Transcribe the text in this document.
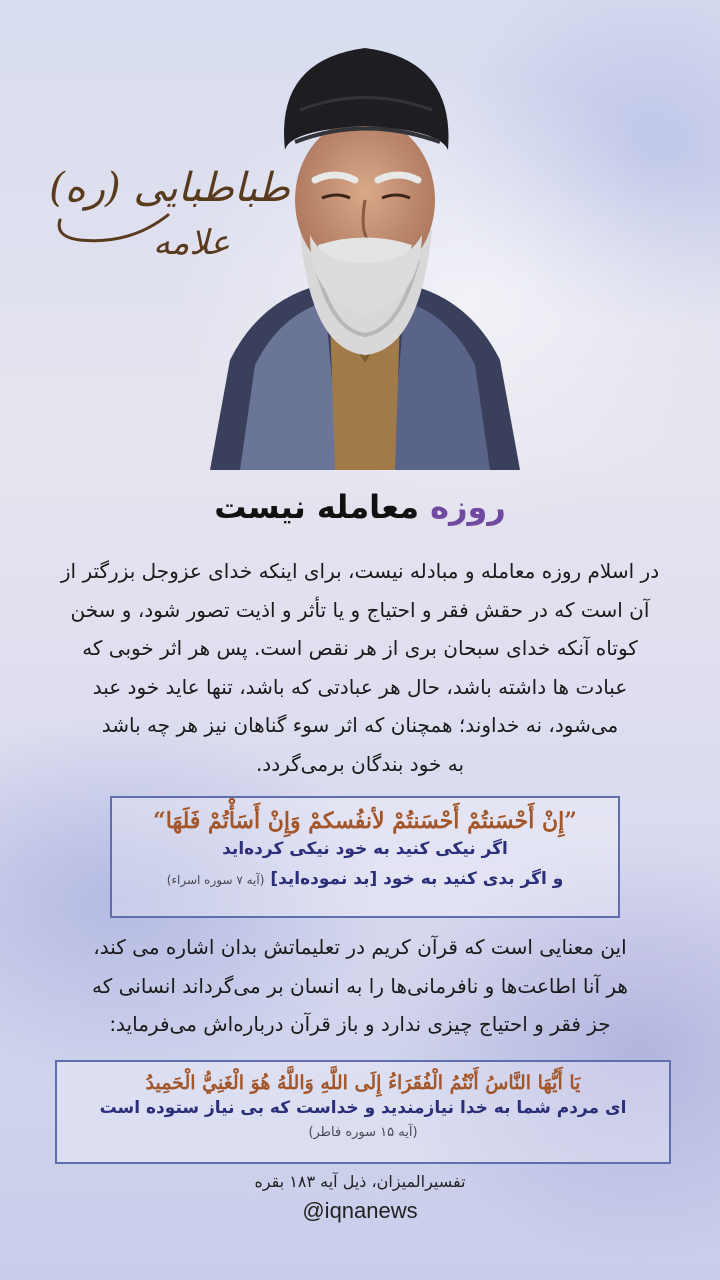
طباطبایی (ره)
علامه
روزه معامله نیست
در اسلام روزه معامله و مبادله نیست، برای اینکه خدای عزوجل بزرگتر از
آن است که در حقش فقر و احتیاج و یا تأثر و اذیت تصور شود، و سخن
کوتاه آنکه خدای سبحان بری از هر نقص است. پس هر اثر خوبی که
عبادت ها داشته باشد، حال هر عبادتی که باشد، تنها عاید خود عبد
می‌شود، نه خداوند؛ همچنان که اثر سوء گناهان نیز هر چه باشد
به خود بندگان برمی‌گردد.
”إِنْ أَحْسَنتُمْ أَحْسَنتُمْ لأنفُسکمْ وَإِنْ أَسَأْتُمْ فَلَهَا“
اگر نیکی کنید به خود نیکی کرده‌اید
و اگر بدی کنید به خود [بد نموده‌اید] (آیه ۷ سوره اسراء)
این معنایی است که قرآن کریم در تعلیماتش بدان اشاره می کند،
هر آنا اطاعت‌ها و نافرمانی‌ها را به انسان بر می‌گرداند انسانی که
جز فقر و احتیاج چیزی ندارد و باز قرآن درباره‌اش می‌فرماید:
يَا أَيُّهَا النَّاسُ أَنْتُمُ الْفُقَرَاءُ إِلَى اللَّهِ وَاللَّهُ هُوَ الْغَنِيُّ الْحَمِيدُ
ای مردم شما به خدا نیازمندید و خداست که بی نیاز ستوده است
(آیه ۱۵ سوره فاطر)
تفسیرالمیزان، ذیل آیه ۱۸۳ بقره
@iqnanews
